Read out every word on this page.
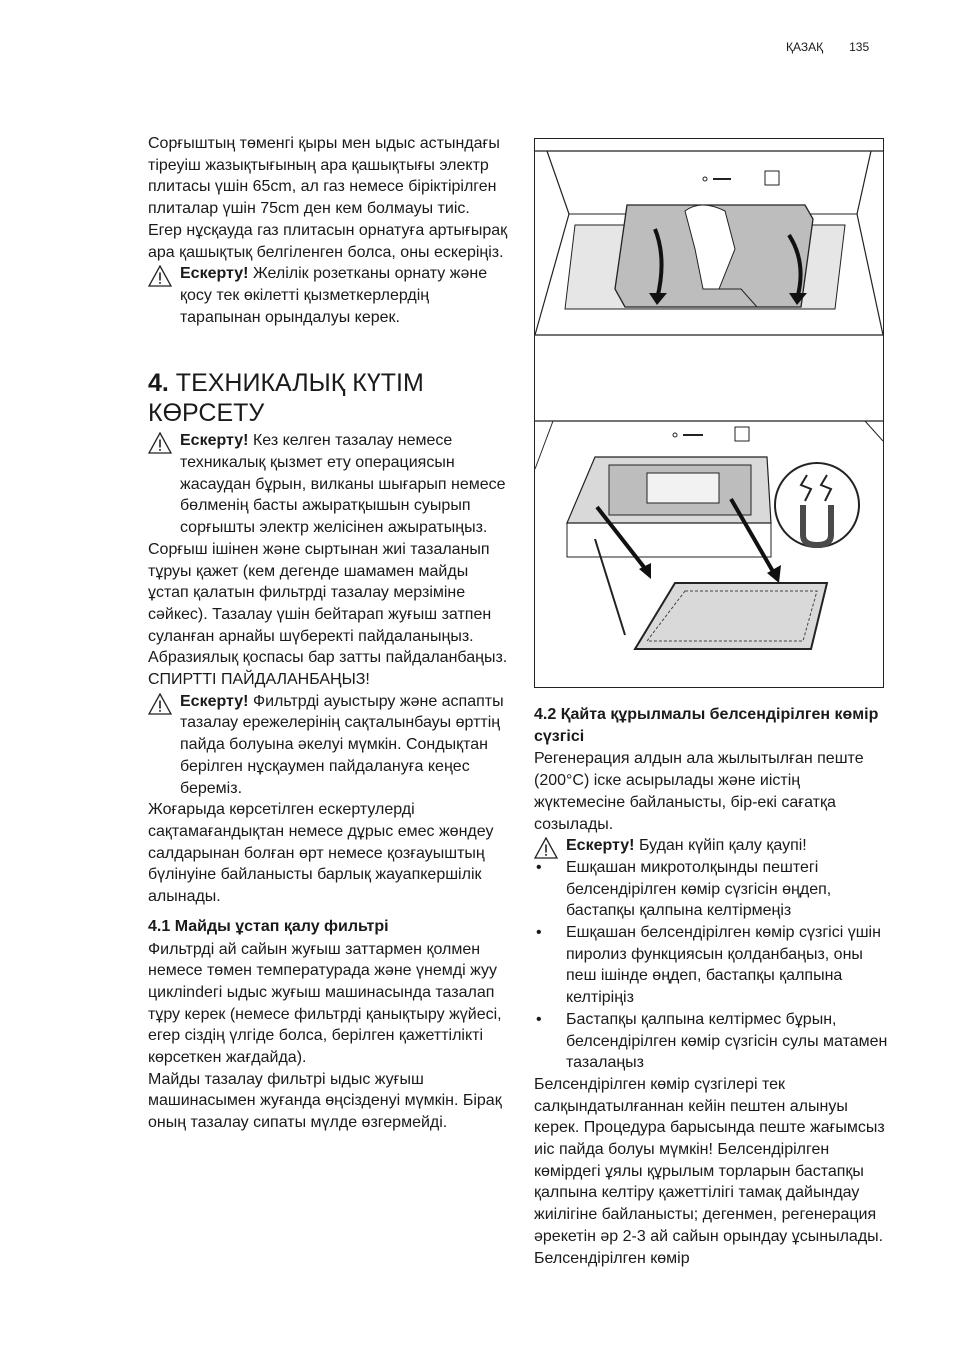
ҚАЗАҚ 135

Сорғыштың төменгі қыры мен ыдыс астындағы тіреуіш жазықтығының ара қашықтығы электр плитасы үшін 65cm, ал газ немесе біріктірілген плиталар үшін 75cm ден кем болмауы тиіс.

Егер нұсқауда газ плитасын орнатуға артығырақ ара қашықтық белгіленген болса, оны ескеріңіз.

Ескерту! Желілік розетканы орнату және қосу тек өкілетті қызметкерлердің тарапынан орындалуы керек.
4. ТЕХНИКАЛЫҚ КҮТІМ КӨРСЕТУ
Ескерту! Кез келген тазалау немесе техникалық қызмет ету операциясын жасаудан бұрын, вилканы шығарып немесе бөлменің басты ажыратқышын суырып сорғышты электр желісінен ажыратыңыз.

Сорғыш ішінен және сыртынан жиі тазаланып тұруы қажет (кем дегенде шамамен майды ұстап қалатын фильтрді тазалау мерзіміне сәйкес). Тазалау үшін бейтарап жуғыш затпен суланған арнайы шүберекті пайдаланыңыз. Абразиялық қоспасы бар затты пайдаланбаңыз.

СПИРТТІ ПАЙДАЛАНБАҢЫЗ!

Ескерту! Фильтрді ауыстыру және аспапты тазалау ережелерінің сақталынбауы өрттің пайда болуына әкелуі мүмкін. Сондықтан берілген нұсқаумен пайдалануға кеңес береміз.

Жоғарыда көрсетілген ескертулерді сақтамағандықтан немесе дұрыс емес жөндеу салдарынан болған өрт немесе қозғауыштың бүлінуіне байланысты барлық жауапкершілік алынады.

4.1 Майды ұстап қалу фильтрі

Фильтрді ай сайын жуғыш заттармен қолмен немесе төмен температурада және үнемді жуу циклindегі ыдыс жуғыш машинасында тазалап тұру керек (немесе фильтрді қанықтыру жүйесі, егер сіздің үлгіде болса, берілген қажеттілікті көрсеткен жағдайда).

Майды тазалау фильтрі ыдыс жуғыш машинасымен жуғанда өңсізденуі мүмкін. Бірақ оның тазалау сипаты мүлде өзгермейді.

4.2 Қайта құрылмалы белсендірілген көмір сүзгісі

Регенерация алдын ала жылытылған пеште (200°C) іске асырылады және иістің жүктемесіне байланысты, бір-екі сағатқа созылады.

Ескерту! Будан күйіп қалу қаупі!
• Ешқашан микротолқынды пештегі белсендірілген көмір сүзгісін өңдеп, бастапқы қалпына келтірмеңіз
• Ешқашан белсендірілген көмір сүзгісі үшін пиролиз функциясын қолданбаңыз, оны пеш ішінде өңдеп, бастапқы қалпына келтіріңіз
• Бастапқы қалпына келтірмес бұрын, белсендірілген көмір сүзгісін сулы матамен тазалаңыз

Белсендірілген көмір сүзгілері тек салқындатылғаннан кейін пештен алынуы керек. Процедура барысында пеште жағымсыз иіс пайда болуы мүмкін! Белсендірілген көмірдегі ұялы құрылым торларын бастапқы қалпына келтіру қажеттілігі тамақ дайындау жиілігіне байланысты; дегенмен, регенерация әрекетін әр 2-3 ай сайын орындау ұсынылады. Белсендірілген көмір
